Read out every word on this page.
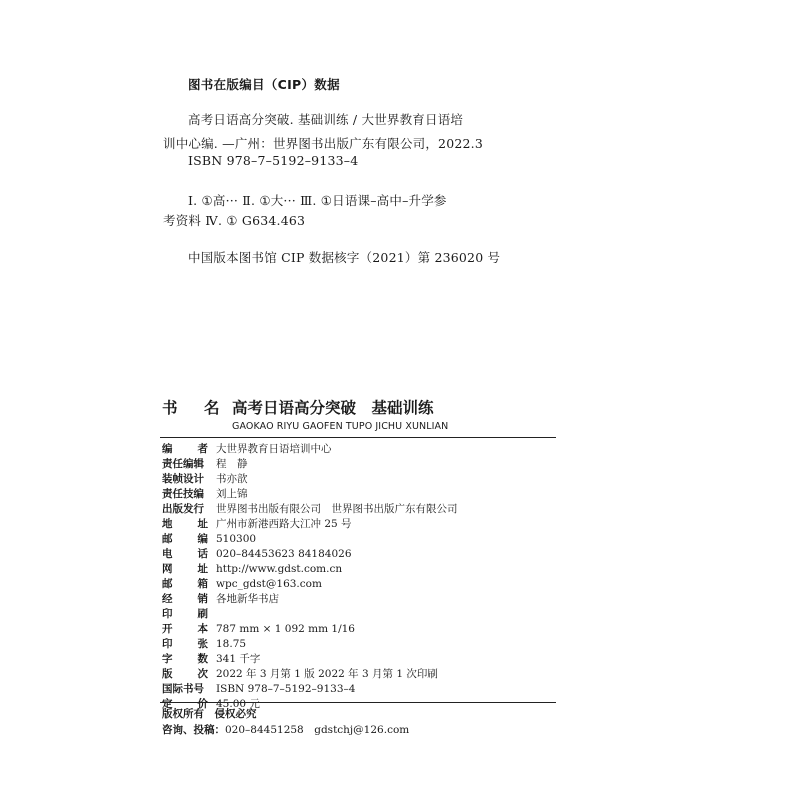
图书在版编目（CIP）数据
高考日语高分突破. 基础训练 / 大世界教育日语培
训中心编. —广州：世界图书出版广东有限公司，2022.3
ISBN 978–7–5192–9133–4
Ⅰ. ①高··· Ⅱ. ①大··· Ⅲ. ①日语课–高中–升学参
考资料 Ⅳ. ① G634.463
中国版本图书馆 CIP 数据核字（2021）第 236020 号
书 名 高考日语高分突破　基础训练
GAOKAO RIYU GAOFEN TUPO JICHU XUNLIAN
编 者 大世界教育日语培训中心
责任编辑	程　静
装帧设计	书亦歆
责任技编	刘上锦
出版发行	世界图书出版有限公司　世界图书出版广东有限公司
地 址 广州市新港西路大江冲 25 号
邮 编 510300
电 话 020–84453623 84184026
网 址 http://www.gdst.com.cn
邮 箱 wpc_gdst@163.com
经 销 各地新华书店
印 刷
开 本 787 mm × 1 092 mm 1/16
印 张 18.75
字 数 341 千字
版 次 2022 年 3 月第 1 版 2022 年 3 月第 1 次印刷
国际书号	ISBN 978–7–5192–9133–4
定 价 45.00 元
版权所有　侵权必究
咨询、投稿：020–84451258　gdstchj@126.com
